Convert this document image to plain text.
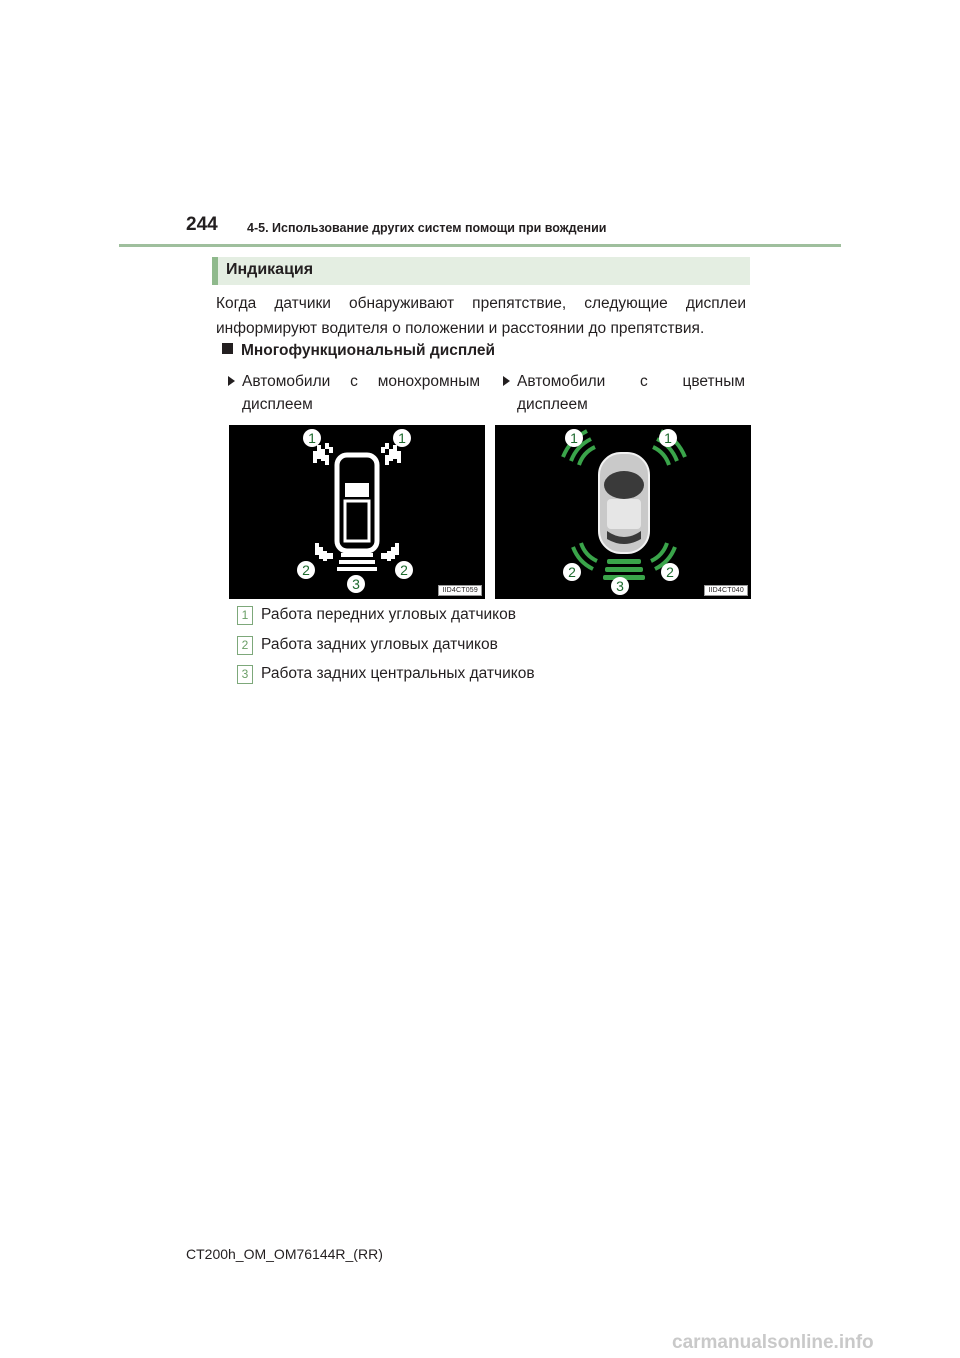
244 4-5. Использование других систем помощи при вождении
Индикация
Когда датчики обнаруживают препятствие, следующие дисплеи информируют водителя о положении и расстоянии до препятствия.
Многофункциональный дисплей
Автомобили с монохромным
дисплеем
Автомобили с цветным
дисплеем
1	1
2
3
2
IID4CT059
1	1
2
3
2
IID4CT040
1 Работа передних угловых датчиков
2 Работа задних угловых датчиков
3 Работа задних центральных датчиков
CT200h_OM_OM76144R_(RR)
carmanualsonline.info
